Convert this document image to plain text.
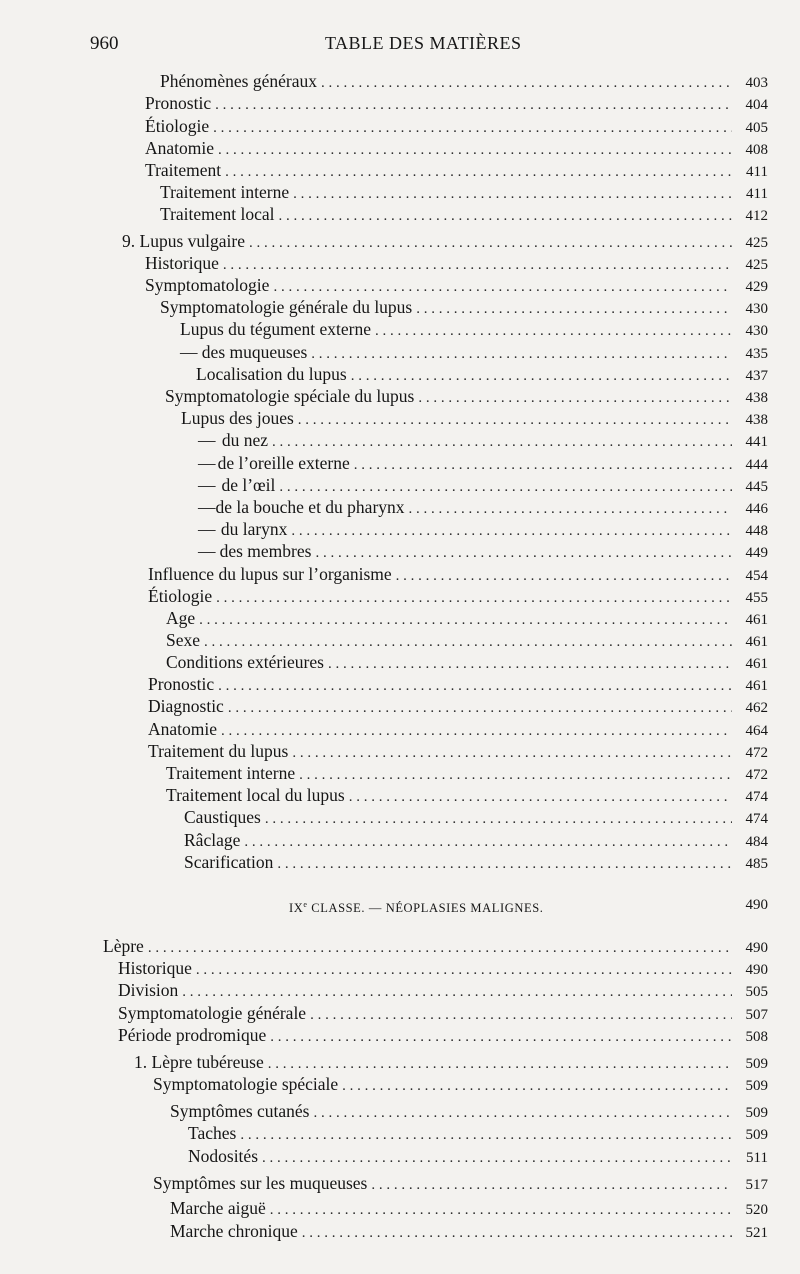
960	TABLE DES MATIÈRES
Phénomènes généraux . . .	403
Pronostic . . .	404
Étiologie . . .	405
Anatomie . . .	408
Traitement . . .	411
Traitement interne . . .	411
Traitement local . . .	412
9. Lupus vulgaire . . .	425
Historique . . .	425
Symptomatologie . . .	429
Symptomatologie générale du lupus . . .	430
Lupus du tégument externe . . .	430
— des muqueuses . . .	435
Localisation du lupus . . .	437
Symptomatologie spéciale du lupus . . .	438
Lupus des joues . . .	438
— du nez . . .	441
— de l’oreille externe . . .	444
— de l’œil . . .	445
— de la bouche et du pharynx . . .	446
— du larynx . . .	448
— des membres . . .	449
Influence du lupus sur l’organisme . . .	454
Étiologie . . .	455
Age . . .	461
Sexe . . .	461
Conditions extérieures . . .	461
Pronostic . . .	461
Diagnostic . . .	462
Anatomie . . .	464
Traitement du lupus . . .	472
Traitement interne . . .	472
Traitement local du lupus . . .	474
Caustiques . . .	474
Râclage . . .	484
Scarification . . .	485
IXe CLASSE. — NÉOPLASIES MALIGNES.	490
Lèpre . . .	490
Historique . . .	490
Division . . .	505
Symptomatologie générale . . .	507
Période prodromique . . .	508
1. Lèpre tubéreuse . . .	509
Symptomatologie spéciale . . .	509
Symptômes cutanés . . .	509
Taches . . .	509
Nodosités . . .	511
Symptômes sur les muqueuses . . .	517
Marche aiguë . . .	520
Marche chronique . . .	521
